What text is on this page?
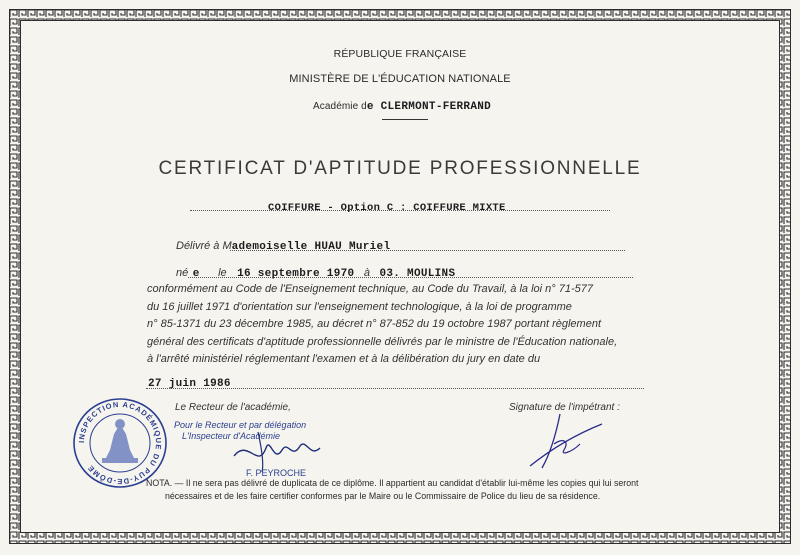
RÉPUBLIQUE FRANÇAISE
MINISTÈRE DE L'ÉDUCATION NATIONALE
Académie de CLERMONT-FERRAND
CERTIFICAT D'APTITUDE PROFESSIONNELLE
COIFFURE - Option C : COIFFURE MIXTE
Délivré à Mademoiselle HUAU Muriel
né e le 16 septembre 1970 à 03. MOULINS
conformément au Code de l'Enseignement technique, au Code du Travail, à la loi n° 71-577
du 16 juillet 1971 d'orientation sur l'enseignement technologique, à la loi de programme
n° 85-1371 du 23 décembre 1985, au décret n° 87-852 du 19 octobre 1987 portant règlement
général des certificats d'aptitude professionnelle délivrés par le ministre de l'Éducation nationale,
à l'arrêté ministériel réglementant l'examen et à la délibération du jury en date du
27 juin 1986
Le Recteur de l'académie,
Pour le Recteur et par délégation
L'Inspecteur d'Académie
F. PEYROCHE
INSPECTION ACADÉMIQUE DU PUY-DE-DÔME
Signature de l'impétrant :
NOTA. — Il ne sera pas délivré de duplicata de ce diplôme. Il appartient au candidat d'établir lui-même les copies qui lui seront
nécessaires et de les faire certifier conformes par le Maire ou le Commissaire de Police du lieu de sa résidence.
